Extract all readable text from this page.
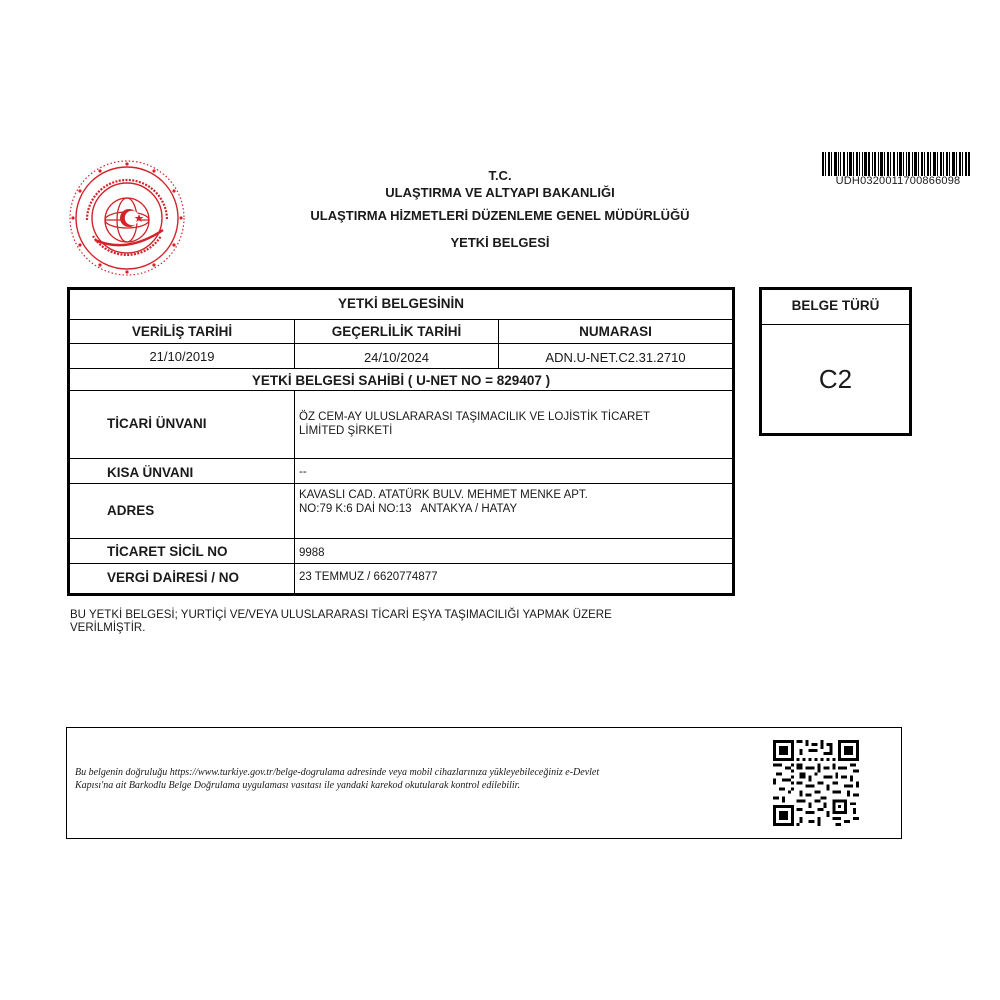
T.C.
ULAŞTIRMA VE ALTYAPI BAKANLIĞI
ULAŞTIRMA HİZMETLERİ DÜZENLEME GENEL MÜDÜRLÜĞÜ
YETKİ BELGESİ
UDH0320011700866098
YETKİ BELGESİNİN
VERİLİŞ TARİHİ	GEÇERLİLİK TARİHİ	NUMARASI
21/10/2019	24/10/2024	ADN.U-NET.C2.31.2710
YETKİ BELGESİ SAHİBİ ( U-NET NO = 829407 )
TİCARİ ÜNVANI	ÖZ CEM-AY ULUSLARARASI TAŞIMACILIK VE LOJİSTİK TİCARET
LİMİTED ŞİRKETİ
KISA ÜNVANI	--
ADRES
KAVASLI CAD. ATATÜRK BULV. MEHMET MENKE APT.
NO:79 K:6 DAİ NO:13   ANTAKYA / HATAY
TİCARET SİCİL NO	9988
VERGİ DAİRESİ / NO	23 TEMMUZ / 6620774877
BELGE TÜRÜ
C2
BU YETKİ BELGESİ; YURTİÇİ VE/VEYA ULUSLARARASI TİCARİ EŞYA TAŞIMACILIĞI YAPMAK ÜZERE
VERİLMİŞTİR.
Bu belgenin doğruluğu https://www.turkiye.gov.tr/belge-dogrulama adresinde veya mobil cihazlarınıza yükleyebileceğiniz e-Devlet
Kapısı'na ait Barkodlu Belge Doğrulama uygulaması vasıtası ile yandaki karekod okutularak kontrol edilebilir.
